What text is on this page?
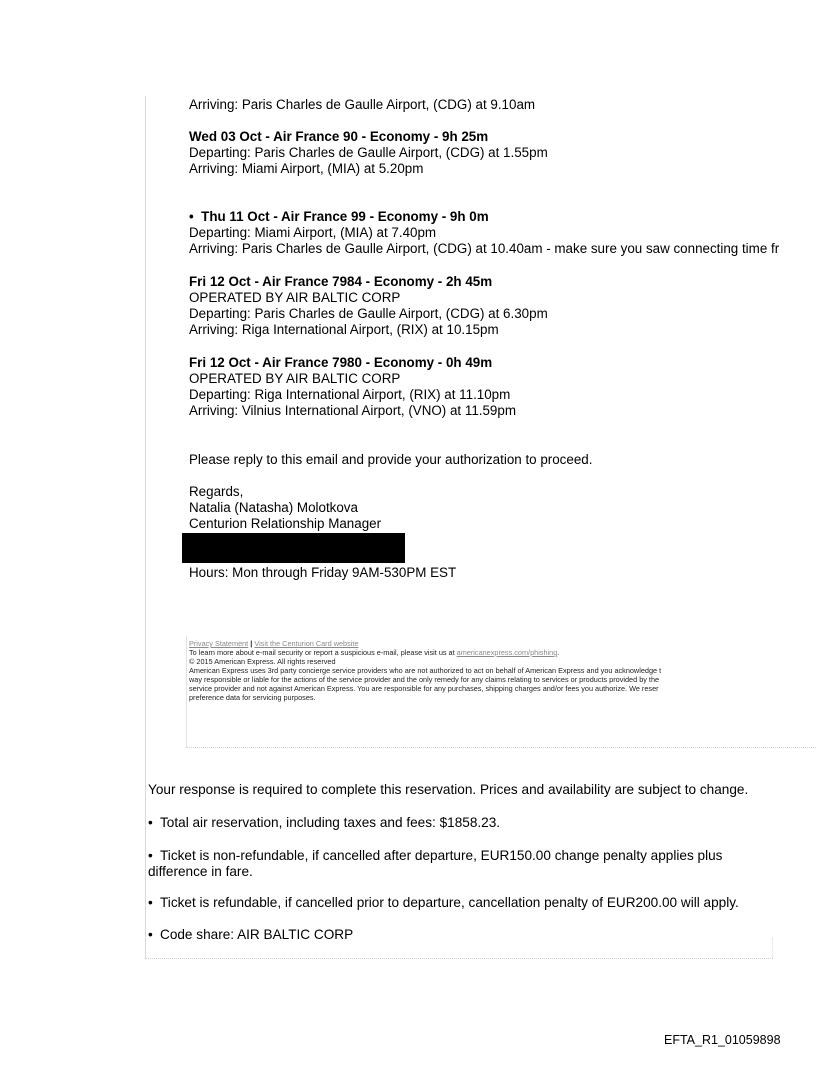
Arriving: Paris Charles de Gaulle Airport, (CDG) at 9.10am
Wed 03 Oct - Air France 90 - Economy - 9h 25m
Departing: Paris Charles de Gaulle Airport, (CDG) at 1.55pm
Arriving: Miami Airport, (MIA) at 5.20pm
• Thu 11 Oct - Air France 99 - Economy - 9h 0m
Departing: Miami Airport, (MIA) at 7.40pm
Arriving: Paris Charles de Gaulle Airport, (CDG) at 10.40am - make sure you saw connecting time fr
Fri 12 Oct - Air France 7984 - Economy - 2h 45m
OPERATED BY AIR BALTIC CORP
Departing: Paris Charles de Gaulle Airport, (CDG) at 6.30pm
Arriving: Riga International Airport, (RIX) at 10.15pm
Fri 12 Oct - Air France 7980 - Economy - 0h 49m
OPERATED BY AIR BALTIC CORP
Departing: Riga International Airport, (RIX) at 11.10pm
Arriving: Vilnius International Airport, (VNO) at 11.59pm
Please reply to this email and provide your authorization to proceed.
Regards,
Natalia (Natasha) Molotkova
Centurion Relationship Manager
Hours: Mon through Friday 9AM-530PM EST
Privacy Statement | Visit the Centurion Card website
To learn more about e-mail security or report a suspicious e-mail, please visit us at americanexpress.com/phishing.
© 2015 American Express. All rights reserved
American Express uses 3rd party concierge service providers who are not authorized to act on behalf of American Express and you acknowledge t
way responsible or liable for the actions of the service provider and the only remedy for any claims relating to services or products provided by the
service provider and not against American Express. You are responsible for any purchases, shipping charges and/or fees you authorize. We reser
preference data for servicing purposes.
Your response is required to complete this reservation. Prices and availability are subject to change.
• Total air reservation, including taxes and fees: $1858.23.
• Ticket is non-refundable, if cancelled after departure, EUR150.00 change penalty applies plus
difference in fare.
• Ticket is refundable, if cancelled prior to departure, cancellation penalty of EUR200.00 will apply.
• Code share: AIR BALTIC CORP
EFTA_R1_01059898
